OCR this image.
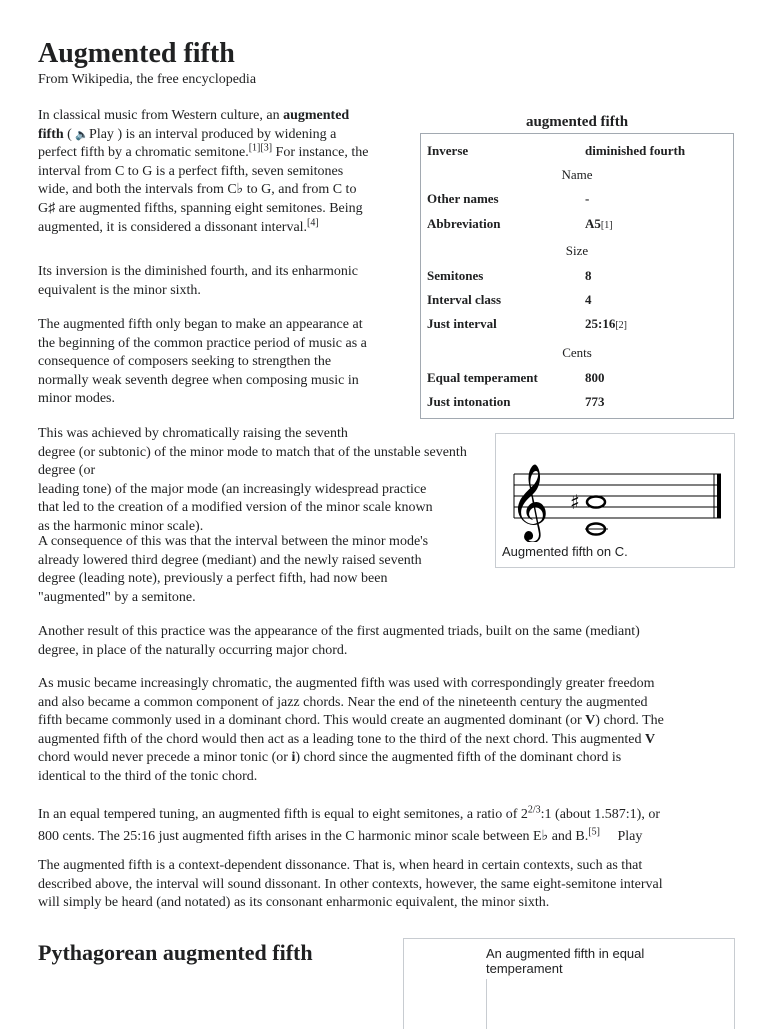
Augmented fifth
From Wikipedia, the free encyclopedia

In classical music from Western culture, an augmented
fifth ( 🔈Play ) is an interval produced by widening a
perfect fifth by a chromatic semitone.[1][3] For instance, the
interval from C to G is a perfect fifth, seven semitones
wide, and both the intervals from C♭ to G, and from C to
G♯ are augmented fifths, spanning eight semitones. Being
augmented, it is considered a dissonant interval.[4]

Its inversion is the diminished fourth, and its enharmonic
equivalent is the minor sixth.

The augmented fifth only began to make an appearance at
the beginning of the common practice period of music as a
consequence of composers seeking to strengthen the
normally weak seventh degree when composing music in
minor modes.

This was achieved by chromatically raising the seventh
degree (or subtonic) of the minor mode to match that of the unstable seventh degree (or
leading tone) of the major mode (an increasingly widespread practice
that led to the creation of a modified version of the minor scale known
as the harmonic minor scale).

A consequence of this was that the interval between the minor mode's
already lowered third degree (mediant) and the newly raised seventh
degree (leading note), previously a perfect fifth, had now been
"augmented" by a semitone.

Another result of this practice was the appearance of the first augmented triads, built on the same (mediant)
degree, in place of the naturally occurring major chord.

As music became increasingly chromatic, the augmented fifth was used with correspondingly greater freedom
and also became a common component of jazz chords. Near the end of the nineteenth century the augmented
fifth became commonly used in a dominant chord. This would create an augmented dominant (or V) chord. The
augmented fifth of the chord would then act as a leading tone to the third of the next chord. This augmented V
chord would never precede a minor tonic (or i) chord since the augmented fifth of the dominant chord is
identical to the third of the tonic chord.

In an equal tempered tuning, an augmented fifth is equal to eight semitones, a ratio of $2^{2/3}:1$ (about 1.587:1), or
800 cents. The 25:16 just augmented fifth arises in the C harmonic minor scale between E♭ and B.[5] Play

The augmented fifth is a context-dependent dissonance. That is, when heard in certain contexts, such as that
described above, the interval will sound dissonant. In other contexts, however, the same eight-semitone interval
will simply be heard (and notated) as its consonant enharmonic equivalent, the minor sixth.

augmented fifth
Inverse	diminished fourth
Name
Other names	-
Abbreviation	A5[1]
Size
Semitones	8
Interval class	4
Just interval	25:16[2]
Cents
Equal temperament	800
Just intonation	773
𝄞 ♯
Augmented fifth on C.
Pythagorean augmented fifth	An augmented fifth in equal
temperament
